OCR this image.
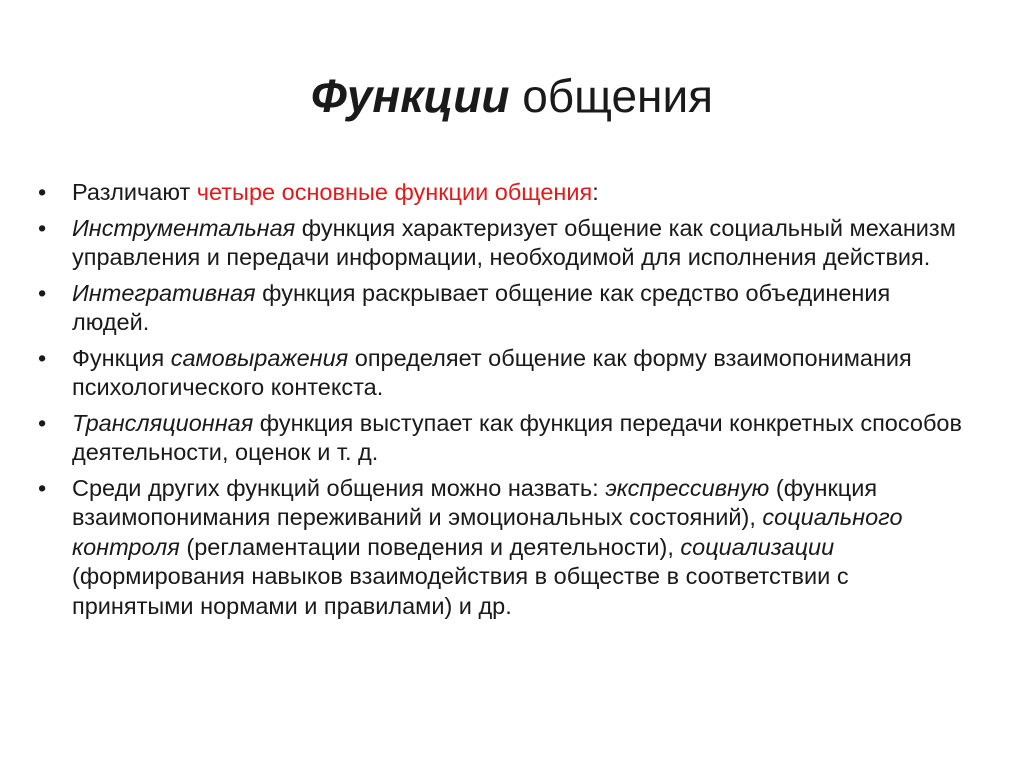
Функции общения
•	Различают четыре основные функции общения:
•	Инструментальная функция характеризует общение как социальный механизм управления и передачи информации, необходимой для исполнения действия.
•	Интегративная функция раскрывает общение как средство объединения людей.
•	Функция самовыражения определяет общение как форму взаимопонимания психологического контекста.
•	Трансляционная функция выступает как функция передачи конкретных способов деятельности, оценок и т. д.
•	Среди других функций общения можно назвать: экспрессивную (функция взаимопонимания переживаний и эмоциональных состояний), социального контроля (регламентации поведения и деятельности), социализации (формирования навыков взаимодействия в обществе в соответствии с принятыми нормами и правилами) и др.
